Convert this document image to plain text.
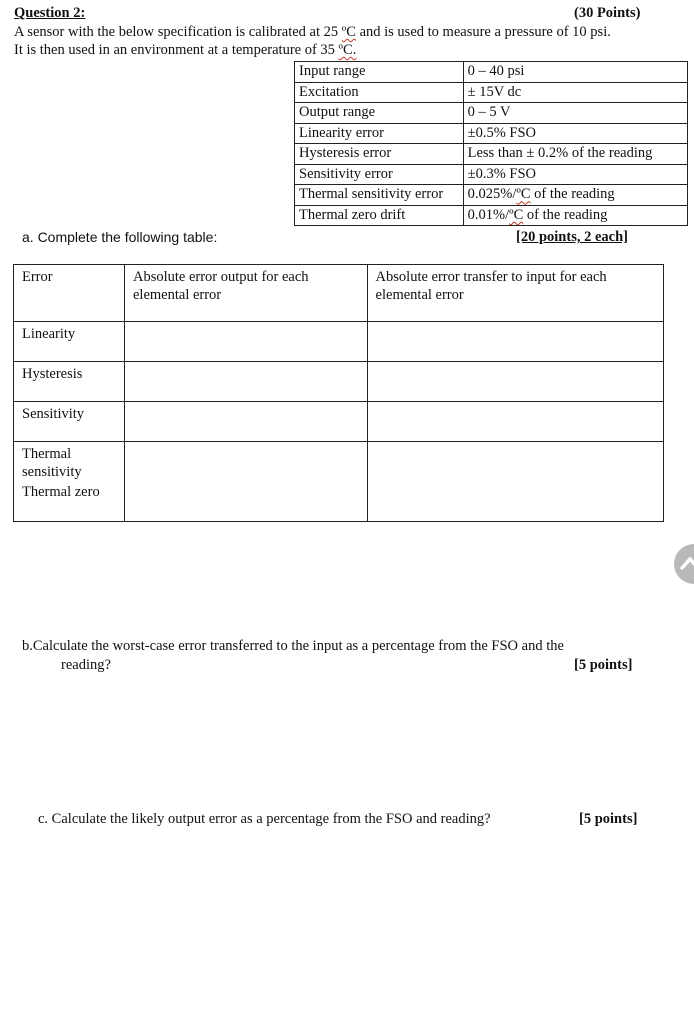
Question 2:	(30 Points)
A sensor with the below specification is calibrated at 25 ºC and is used to measure a pressure of 10 psi.
It is then used in an environment at a temperature of 35 ºC.
Input range	0 – 40 psi
Excitation	± 15V dc
Output range	0 – 5 V
Linearity error	±0.5% FSO
Hysteresis error	Less than ± 0.2% of the reading
Sensitivity error	±0.3% FSO
Thermal sensitivity error	0.025%/ºC of the reading
Thermal zero drift	0.01%/ºC of the reading
a. Complete the following table:	[20 points, 2 each]
Error	Absolute error output for each elemental error	Absolute error transfer to input for each elemental error
Linearity		
Hysteresis		
Sensitivity		

Thermal sensitivity
Thermal zero		

b.Calculate the worst-case error transferred to the input as a percentage from the FSO and the
reading?	[5 points]
c. Calculate the likely output error as a percentage from the FSO and reading?	[5 points]
